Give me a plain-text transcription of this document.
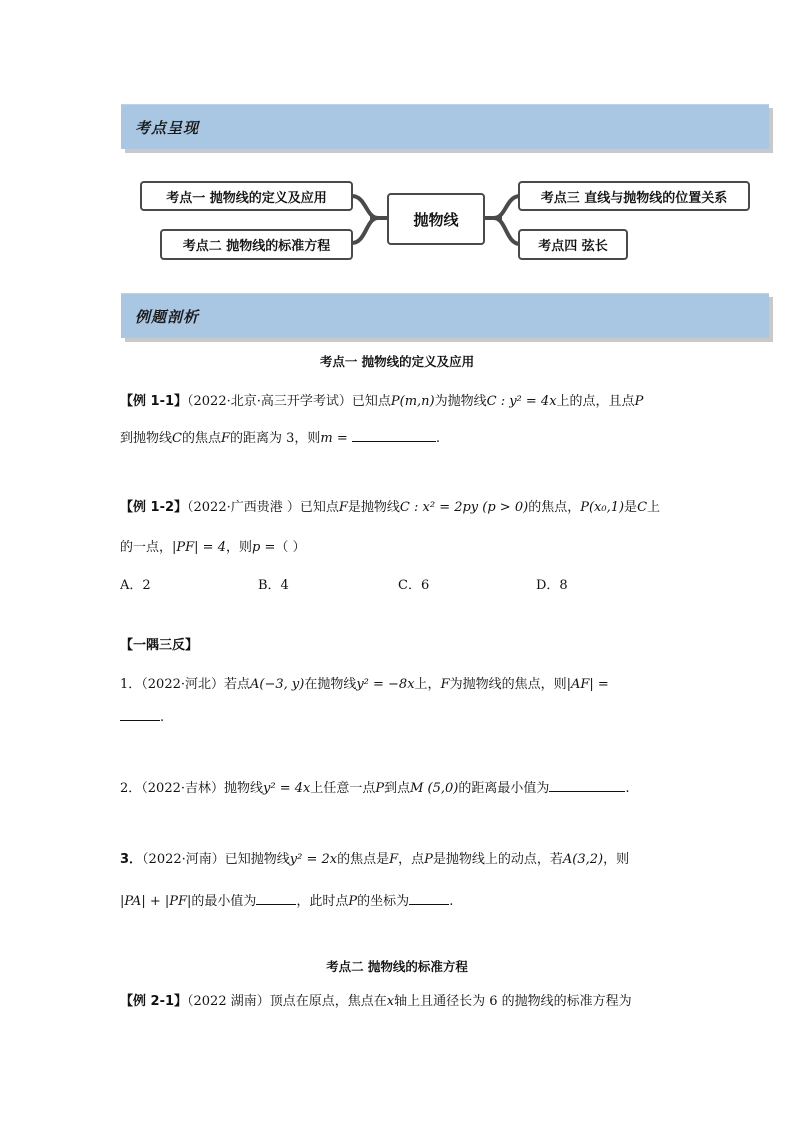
考点呈现
考点一 抛物线的定义及应用
考点二 抛物线的标准方程
抛物线
考点三 直线与抛物线的位置关系
考点四 弦长
例题剖析
考点一 抛物线的定义及应用
【例 1-1】（2022·北京·高三开学考试）已知点P(m,n)为抛物线C : y² = 4x上的点，且点P
到抛物线C的焦点F的距离为 3，则m =	.
【例 1-2】（2022·广西贵港 ）已知点F是抛物线C : x² = 2py (p > 0)的焦点，P(x₀,1)是C上
的一点，|PF| = 4，则p =（ ）
A．2	B．4	C．6	D．8
【一隅三反】
1．（2022·河北）若点A(−3, y)在抛物线y² = −8x上，F为抛物线的焦点，则|AF| =
.
2．（2022·吉林）抛物线y² = 4x上任意一点P到点M (5,0)的距离最小值为	.
3．（2022·河南）已知抛物线y² = 2x的焦点是F，点P是抛物线上的动点，若A(3,2)，则
|PA| + |PF|的最小值为	，此时点P的坐标为	.
考点二 抛物线的标准方程
【例 2-1】（2022 湖南）顶点在原点，焦点在x轴上且通径长为 6 的抛物线的标准方程为
